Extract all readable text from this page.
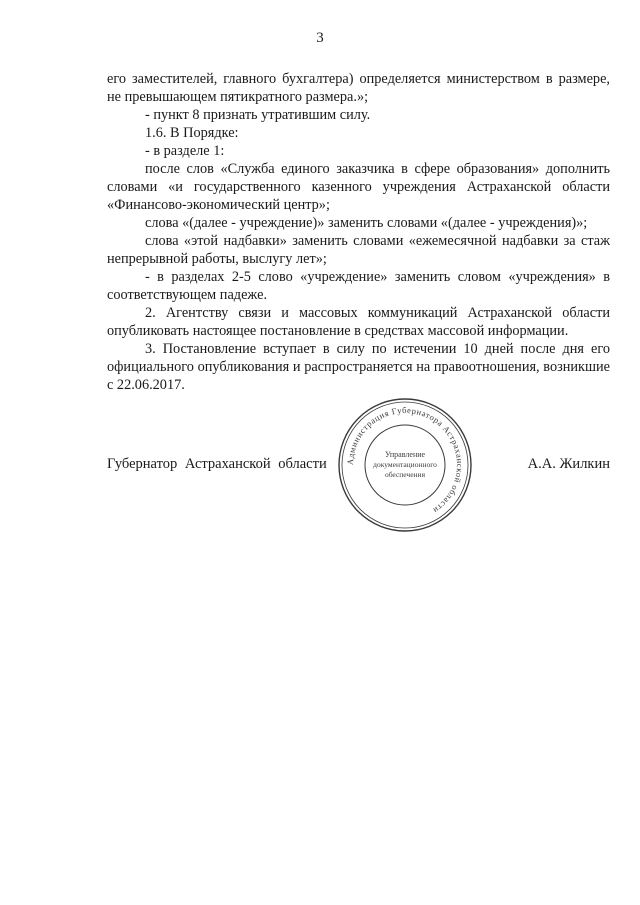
3

его заместителей, главного бухгалтера) определяется министерством в размере, не превышающем пятикратного размера.»;

- пункт 8 признать утратившим силу.

1.6. В Порядке:

- в разделе 1:

после слов «Служба единого заказчика в сфере образования» дополнить словами «и государственного казенного учреждения Астраханской области «Финансово-экономический центр»;

слова «(далее - учреждение)» заменить словами «(далее - учреждения)»;

слова «этой надбавки» заменить словами «ежемесячной надбавки за стаж непрерывной работы, выслугу лет»;

- в разделах 2-5 слово «учреждение» заменить словом «учреждения» в соответствующем падеже.

2. Агентству связи и массовых коммуникаций Астраханской области опубликовать настоящее постановление в средствах массовой информации.

3. Постановление вступает в силу по истечении 10 дней после дня его официального опубликования и распространяется на правоотношения, возникшие с 22.06.2017.

Губернатор Астраханской области	А.А. Жилкин
Администрация Губернатора Астраханской области
Управление
документационного
обеспечения
